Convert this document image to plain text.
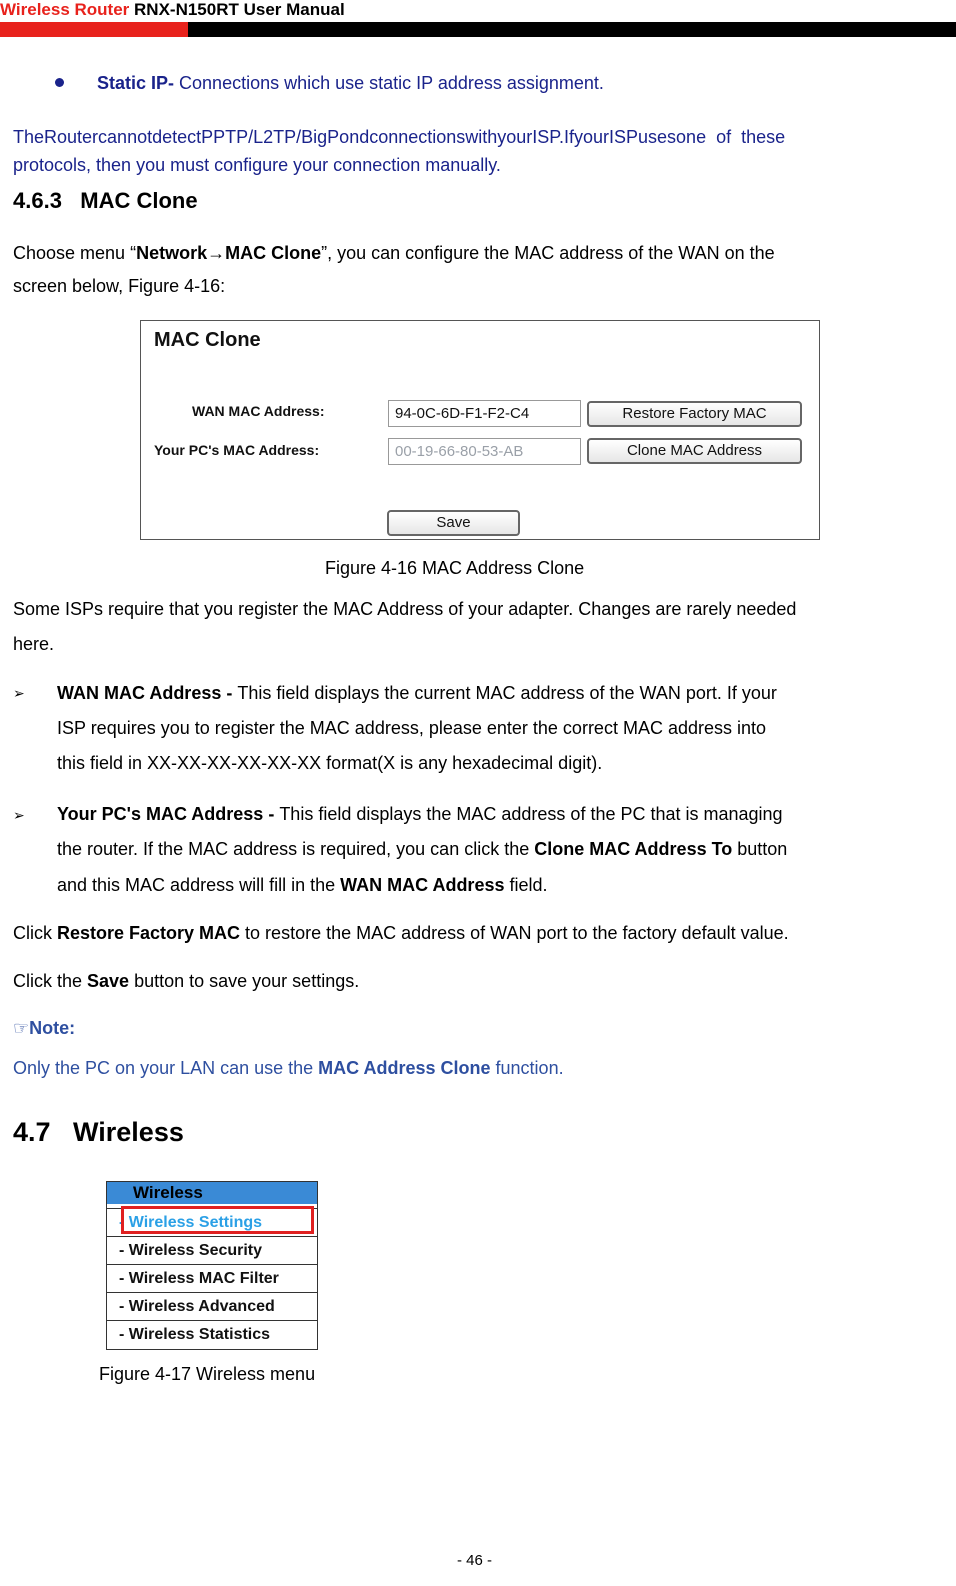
Wireless Router RNX-N150RT User Manual
Static IP- Connections which use static IP address assignment.
TheRoutercannotdetectPPTP/L2TP/BigPondconnectionswithyourISP.IfyourISPusesone  of  these
protocols, then you must configure your connection manually.
4.6.3   MAC Clone
Choose menu “Network→MAC Clone”, you can configure the MAC address of the WAN on the
screen below, Figure 4-16:
MAC Clone
WAN MAC Address:	94-0C-6D-F1-F2-C4	Restore Factory MAC
Your PC's MAC Address:	00-19-66-80-53-AB	Clone MAC Address
Save
Figure 4-16 MAC Address Clone
Some ISPs require that you register the MAC Address of your adapter. Changes are rarely needed
here.
➢ WAN MAC Address - This field displays the current MAC address of the WAN port. If your
ISP requires you to register the MAC address, please enter the correct MAC address into
this field in XX-XX-XX-XX-XX-XX format(X is any hexadecimal digit).
➢ Your PC's MAC Address - This field displays the MAC address of the PC that is managing
the router. If the MAC address is required, you can click the Clone MAC Address To button
and this MAC address will fill in the WAN MAC Address field.
Click Restore Factory MAC to restore the MAC address of WAN port to the factory default value.
Click the Save button to save your settings.
☞Note:
Only the PC on your LAN can use the MAC Address Clone function.
4.7   Wireless
Wireless
- Wireless Settings
- Wireless Security
- Wireless MAC Filter
- Wireless Advanced
- Wireless Statistics
Figure 4-17 Wireless menu
- 46 -
